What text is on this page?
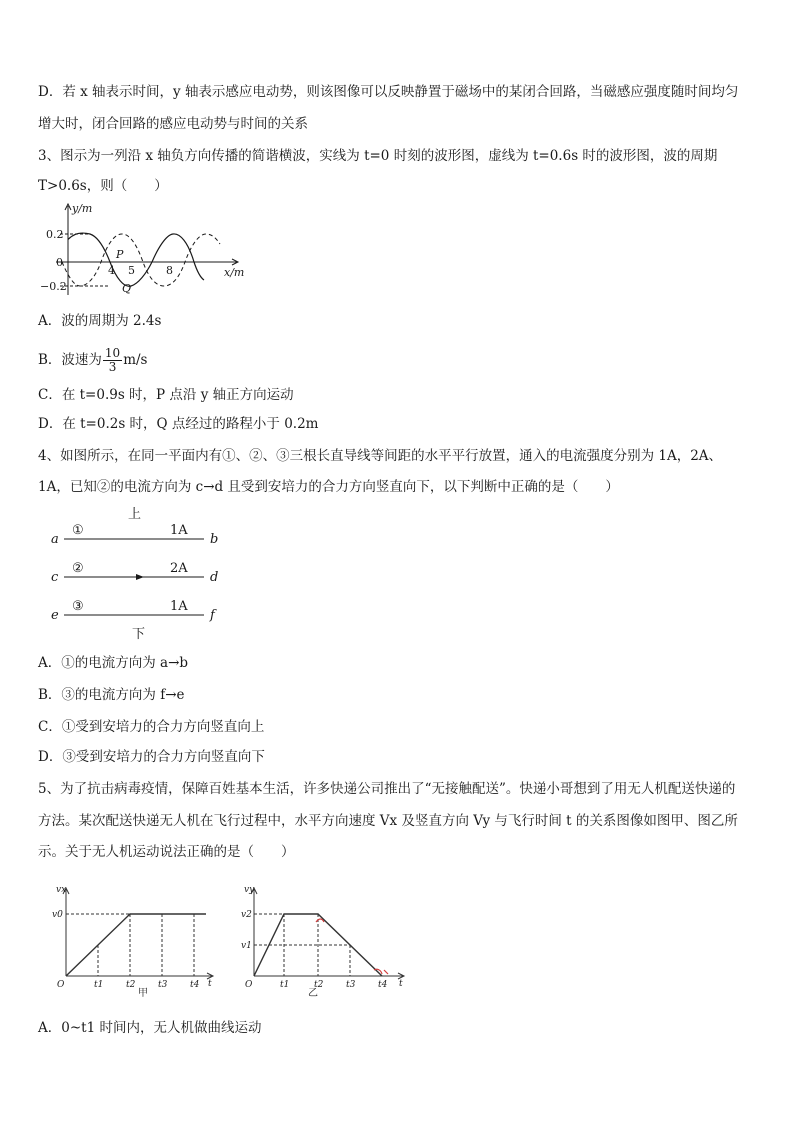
D．若 x 轴表示时间，y 轴表示感应电动势，则该图像可以反映静置于磁场中的某闭合回路，当磁感应强度随时间均匀
增大时，闭合回路的感应电动势与时间的关系
3、图示为一列沿 x 轴负方向传播的简谐横波，实线为 t=0 时刻的波形图，虚线为 t=0.6s 时的波形图，波的周期
T>0.6s，则（　　）
y/m
x/m
0.2
0
−0.2
4 5	8
P
Q
A．波的周期为 2.4s
B．波速为 $\frac{10}{3} m/s$
C．在 t=0.9s 时，P 点沿 y 轴正方向运动
D．在 t=0.2s 时，Q 点经过的路程小于 0.2m
4、如图所示，在同一平面内有①、②、③三根长直导线等间距的水平平行放置，通入的电流强度分别为 1A，2A、
1A，已知②的电流方向为 c→d 且受到安培力的合力方向竖直向下，以下判断中正确的是（　　）
上
下
①	1A
a	b
②	2A
c	d
③	1A
e	f
A．①的电流方向为 a→b
B．③的电流方向为 f→e
C．①受到安培力的合力方向竖直向上
D．③受到安培力的合力方向竖直向下
5、为了抗击病毒疫情，保障百姓基本生活，许多快递公司推出了“无接触配送”。快递小哥想到了用无人机配送快递的
方法。某次配送快递无人机在飞行过程中，水平方向速度 Vx 及竖直方向 Vy 与飞行时间 t 的关系图像如图甲、图乙所
示。关于无人机运动说法正确的是（　　）
vx
v0
O	t1	t2	t3	t4 t
甲
vy
v2
v1
O	t1	t2	t3	t4 t
乙
A．0~t1 时间内，无人机做曲线运动
